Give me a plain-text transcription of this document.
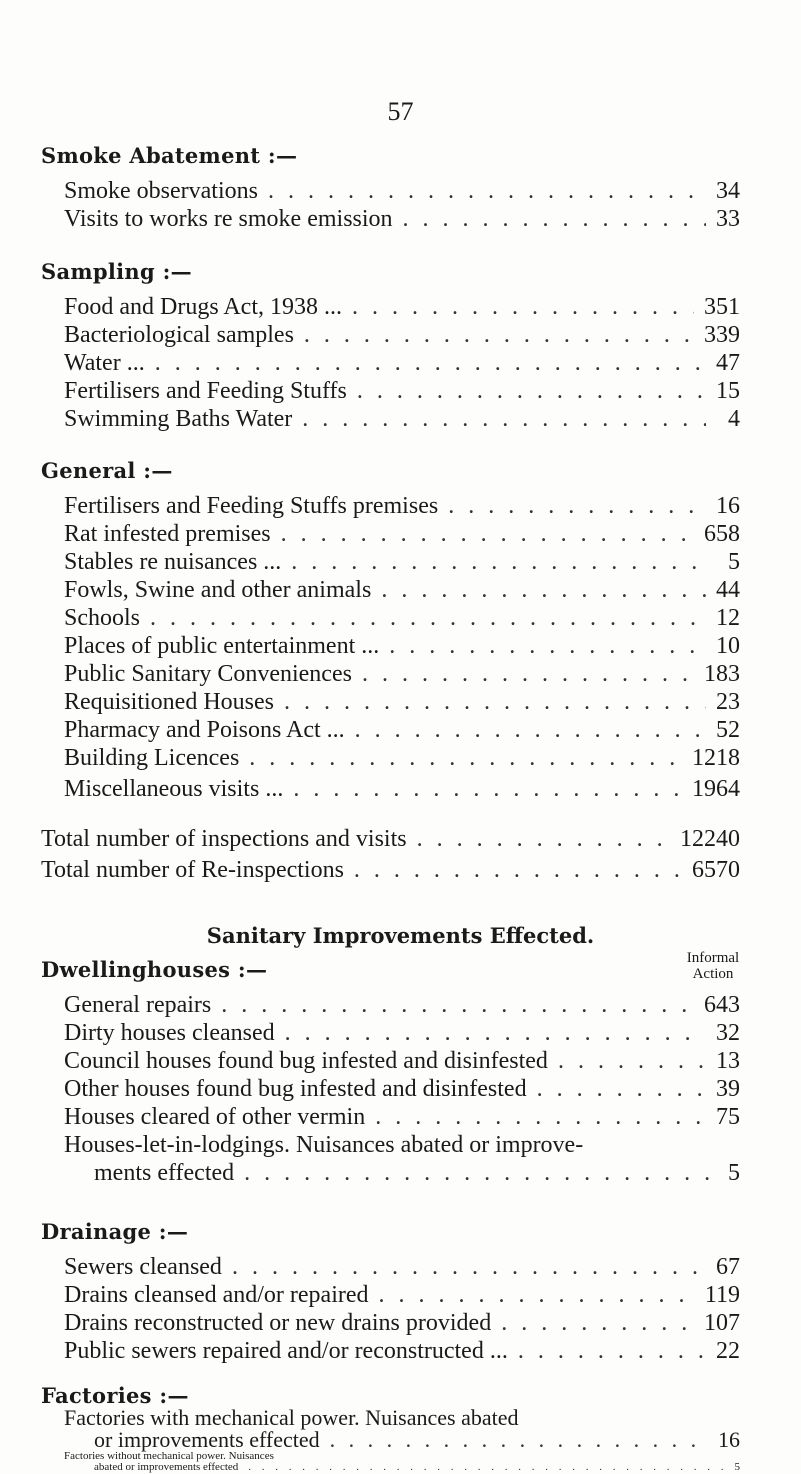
57
Smoke Abatement :—
Smoke observations . . .	34
Visits to works re smoke emission . . .	33
Sampling :—
Food and Drugs Act, 1938 ... . . .	351
Bacteriological samples . . .	339
Water ... . . .	47
Fertilisers and Feeding Stuffs . . .	15
Swimming Baths Water . . .	4
General :—
Fertilisers and Feeding Stuffs premises . . .	16
Rat infested premises . . .	658
Stables re nuisances ... . . .	5
Fowls, Swine and other animals . . .	44
Schools . . .	12
Places of public entertainment ... . . .	10
Public Sanitary Conveniences . . .	183
Requisitioned Houses . . .	23
Pharmacy and Poisons Act ... . . .	52
Building Licences . . .	1218
Miscellaneous visits ... . . .	1964
Total number of inspections and visits . . .	12240
Total number of Re-inspections . . .	6570
Sanitary Improvements Effected.
Dwellinghouses :—	Informal
Action
General repairs . . .	643
Dirty houses cleansed . . .	32
Council houses found bug infested and disinfested . . .	13
Other houses found bug infested and disinfested . . .	39
Houses cleared of other vermin . . .	75
Houses-let-in-lodgings. Nuisances abated or improve-
ments effected . . .	5
Drainage :—
Sewers cleansed . . .	67
Drains cleansed and/or repaired . . .	119
Drains reconstructed or new drains provided . . .	107
Public sewers repaired and/or reconstructed ... . . .	22
Factories :—
Factories with mechanical power. Nuisances abated
or improvements effected . . .	16
Factories without mechanical power. Nuisances
abated or improvements effected . . .	5
